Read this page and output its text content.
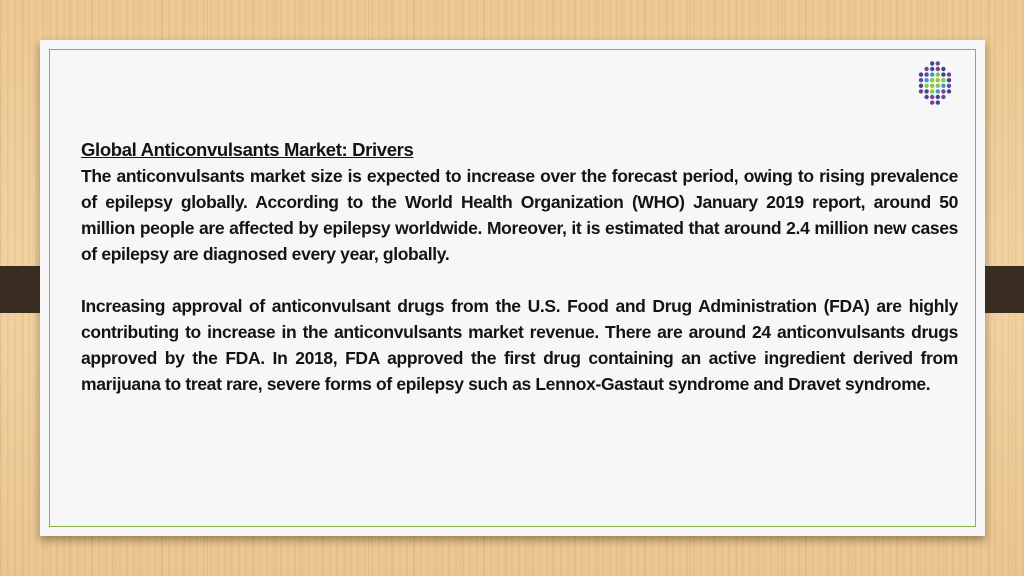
Global Anticonvulsants Market: Drivers

The anticonvulsants market size is expected to increase over the forecast period, owing to rising prevalence of epilepsy globally. According to the World Health Organization (WHO) January 2019 report, around 50 million people are affected by epilepsy worldwide. Moreover, it is estimated that around 2.4 million new cases of epilepsy are diagnosed every year, globally.

Increasing approval of anticonvulsant drugs from the U.S. Food and Drug Administration (FDA) are highly contributing to increase in the anticonvulsants market revenue. There are around 24 anticonvulsants drugs approved by the FDA. In 2018, FDA approved the first drug containing an active ingredient derived from marijuana to treat rare, severe forms of epilepsy such as Lennox-Gastaut syndrome and Dravet syndrome.
